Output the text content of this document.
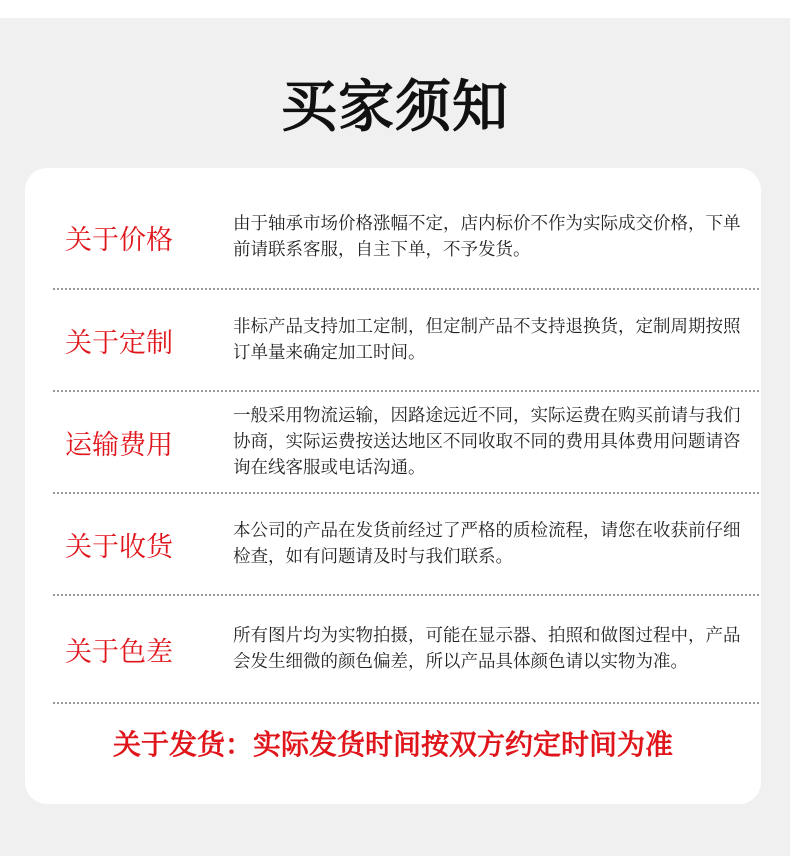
买家须知
关于价格
由于轴承市场价格涨幅不定，店内标价不作为实际成交价格，下单前请联系客服，自主下单，不予发货。
关于定制
非标产品支持加工定制，但定制产品不支持退换货，定制周期按照订单量来确定加工时间。
运输费用
一般采用物流运输，因路途远近不同，实际运费在购买前请与我们协商，实际运费按送达地区不同收取不同的费用具体费用问题请咨询在线客服或电话沟通。
关于收货
本公司的产品在发货前经过了严格的质检流程，请您在收获前仔细检查，如有问题请及时与我们联系。
关于色差
所有图片均为实物拍摄，可能在显示器、拍照和做图过程中，产品会发生细微的颜色偏差，所以产品具体颜色请以实物为准。
关于发货：实际发货时间按双方约定时间为准
